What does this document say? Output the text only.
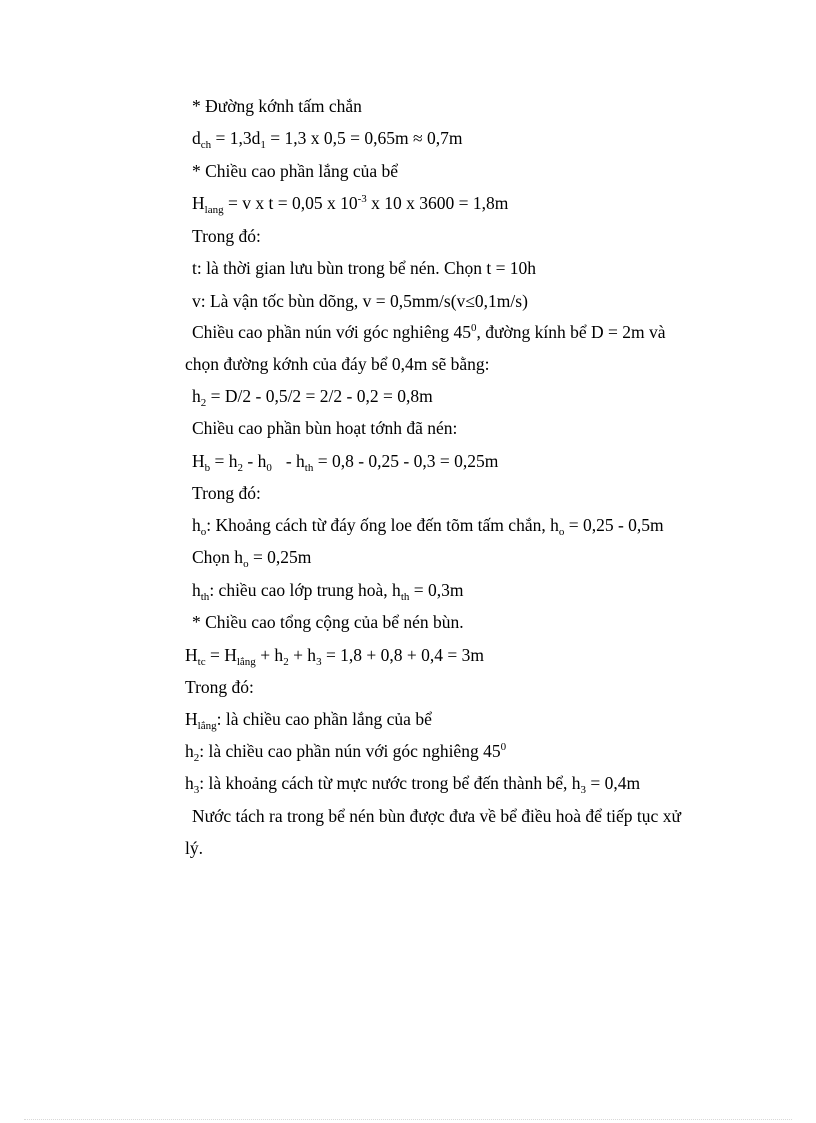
* Đường kớnh tấm chắn
$d_{ch} = 1,3d_1 = 1,3$ x 0,5 = 0,65m ≈ 0,7m
* Chiều cao phần lắng của bể
$H_{lang} = v$ x t = 0,05 x $10^{-3}$ x 10 x 3600 = 1,8m
Trong đó:
t: là thời gian lưu bùn trong bể nén. Chọn t = 10h
v: Là vận tốc bùn dõng, v = 0,5mm/s(v≤0,1m/s)
Chiều cao phần nún với góc nghiêng $45^0$, đường kính bể D = 2m và
chọn đường kớnh của đáy bể 0,4m sẽ bằng:
$h_2 = D/2 - 0,5/2 = 2/2 - 0,2 = 0,8m$
Chiều cao phần bùn hoạt tớnh đã nén:
$H_b = h_2 - h_0 - h_{th} = 0,8 - 0,25 - 0,3 = 0,25m$
Trong đó:
$h_o$: Khoảng cách từ đáy ống loe đến tõm tấm chắn, $h_o = 0,25 - 0,5m$
Chọn $h_o = 0,25m$
$h_{th}$: chiều cao lớp trung hoà, $h_{th} = 0,3m$
* Chiều cao tổng cộng của bể nén bùn.
$H_{tc} = H_{lắng} + h_2 + h_3 = 1,8 + 0,8 + 0,4 = 3m$
Trong đó:
$H_{lắng}$: là chiều cao phần lắng của bể
$h_2$: là chiều cao phần nún với góc nghiêng $45^0$
$h_3$: là khoảng cách từ mực nước trong bể đến thành bể, $h_3 = 0,4m$
Nước tách ra trong bể nén bùn được đưa về bể điều hoà để tiếp tục xử
lý.
